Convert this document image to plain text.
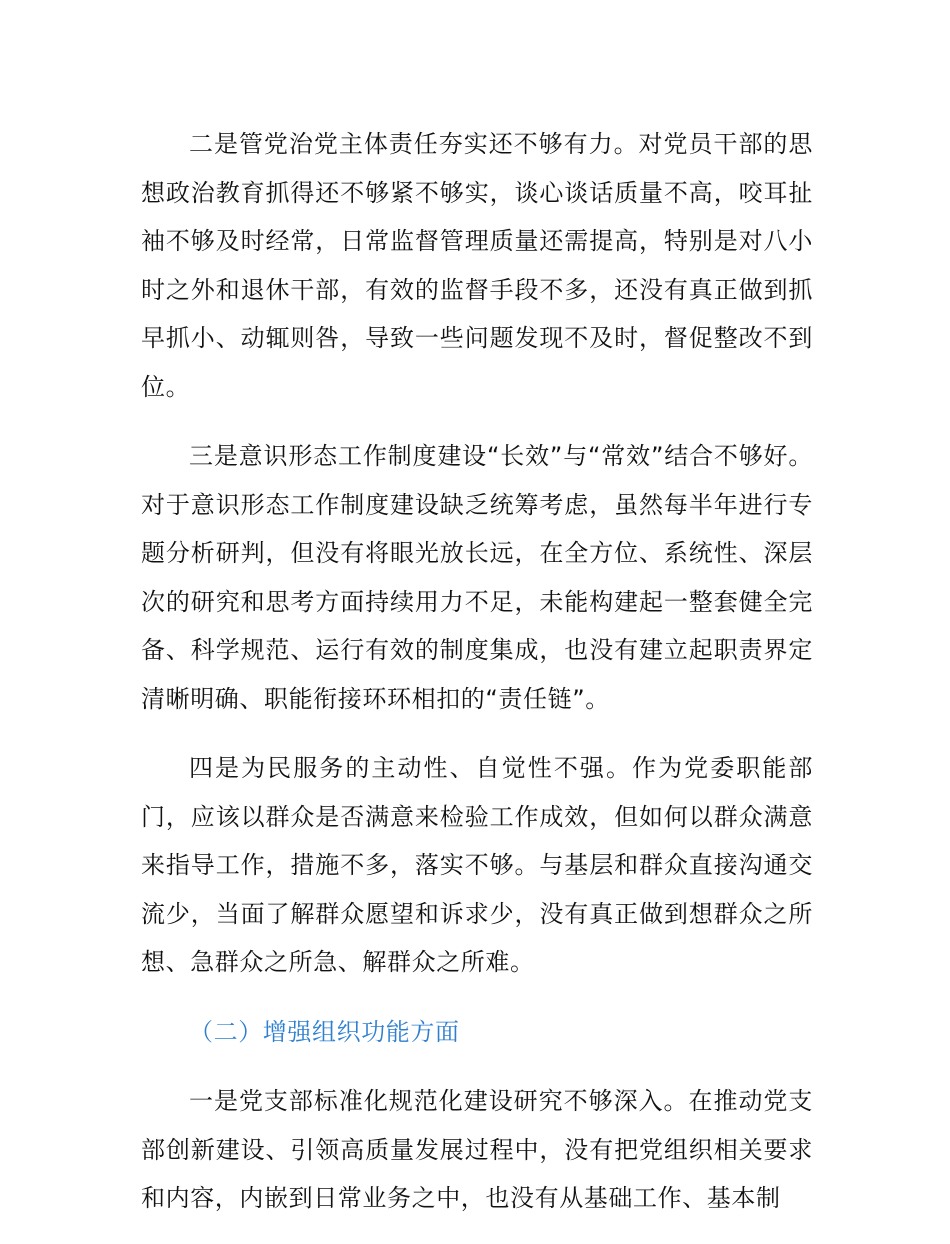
二是管党治党主体责任夯实还不够有力。对党员干部的思想政治教育抓得还不够紧不够实，谈心谈话质量不高，咬耳扯袖不够及时经常，日常监督管理质量还需提高，特别是对八小时之外和退休干部，有效的监督手段不多，还没有真正做到抓早抓小、动辄则咎，导致一些问题发现不及时，督促整改不到位。

三是意识形态工作制度建设“长效”与“常效”结合不够好。对于意识形态工作制度建设缺乏统筹考虑，虽然每半年进行专题分析研判，但没有将眼光放长远，在全方位、系统性、深层次的研究和思考方面持续用力不足，未能构建起一整套健全完备、科学规范、运行有效的制度集成，也没有建立起职责界定清晰明确、职能衔接环环相扣的“责任链”。

四是为民服务的主动性、自觉性不强。作为党委职能部门，应该以群众是否满意来检验工作成效，但如何以群众满意来指导工作，措施不多，落实不够。与基层和群众直接沟通交流少，当面了解群众愿望和诉求少，没有真正做到想群众之所想、急群众之所急、解群众之所难。

（二）增强组织功能方面

一是党支部标准化规范化建设研究不够深入。在推动党支部创新建设、引领高质量发展过程中，没有把党组织相关要求和内容，内嵌到日常业务之中，也没有从基础工作、基本制
